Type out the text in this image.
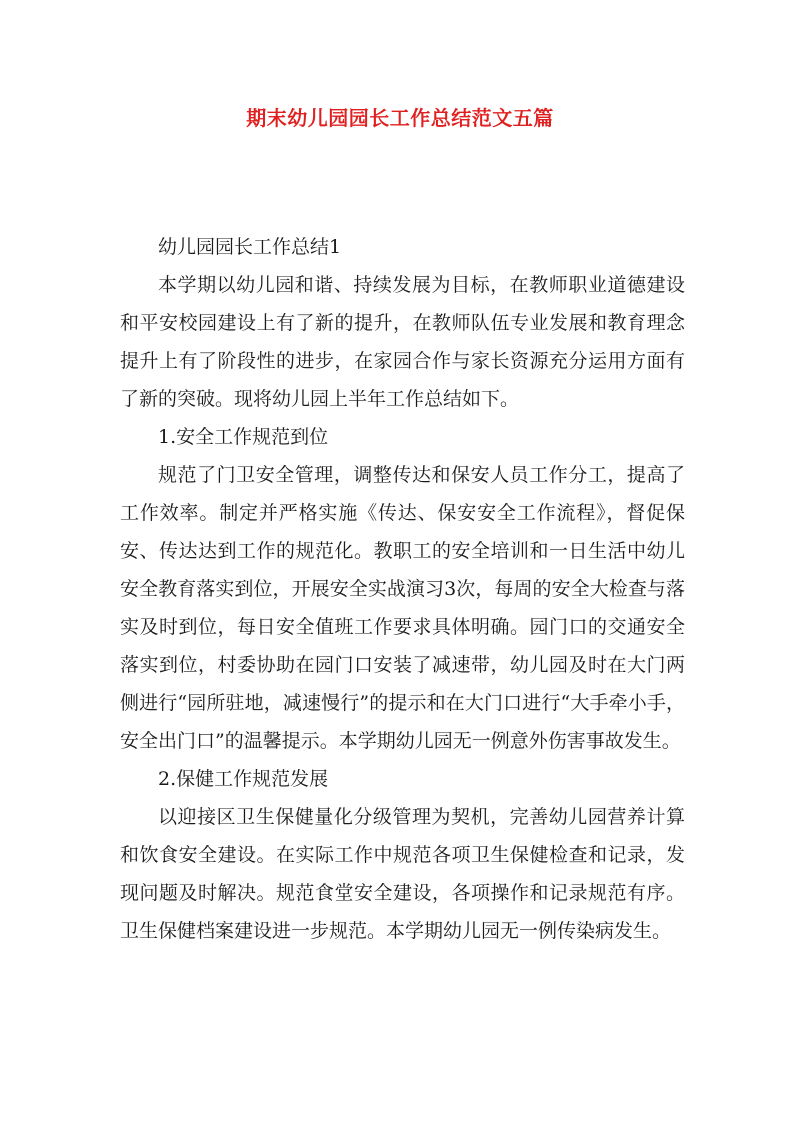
期末幼儿园园长工作总结范文五篇

幼儿园园长工作总结1

本学期以幼儿园和谐、持续发展为目标，在教师职业道德建设和平安校园建设上有了新的提升，在教师队伍专业发展和教育理念提升上有了阶段性的进步，在家园合作与家长资源充分运用方面有了新的突破。现将幼儿园上半年工作总结如下。

1.安全工作规范到位

规范了门卫安全管理，调整传达和保安人员工作分工，提高了工作效率。制定并严格实施《传达、保安安全工作流程》，督促保安、传达达到工作的规范化。教职工的安全培训和一日生活中幼儿安全教育落实到位，开展安全实战演习3次，每周的安全大检查与落实及时到位，每日安全值班工作要求具体明确。园门口的交通安全落实到位，村委协助在园门口安装了减速带，幼儿园及时在大门两侧进行“园所驻地，减速慢行”的提示和在大门口进行“大手牵小手，安全出门口”的温馨提示。本学期幼儿园无一例意外伤害事故发生。

2.保健工作规范发展

以迎接区卫生保健量化分级管理为契机，完善幼儿园营养计算和饮食安全建设。在实际工作中规范各项卫生保健检查和记录，发现问题及时解决。规范食堂安全建设，各项操作和记录规范有序。卫生保健档案建设进一步规范。本学期幼儿园无一例传染病发生。
